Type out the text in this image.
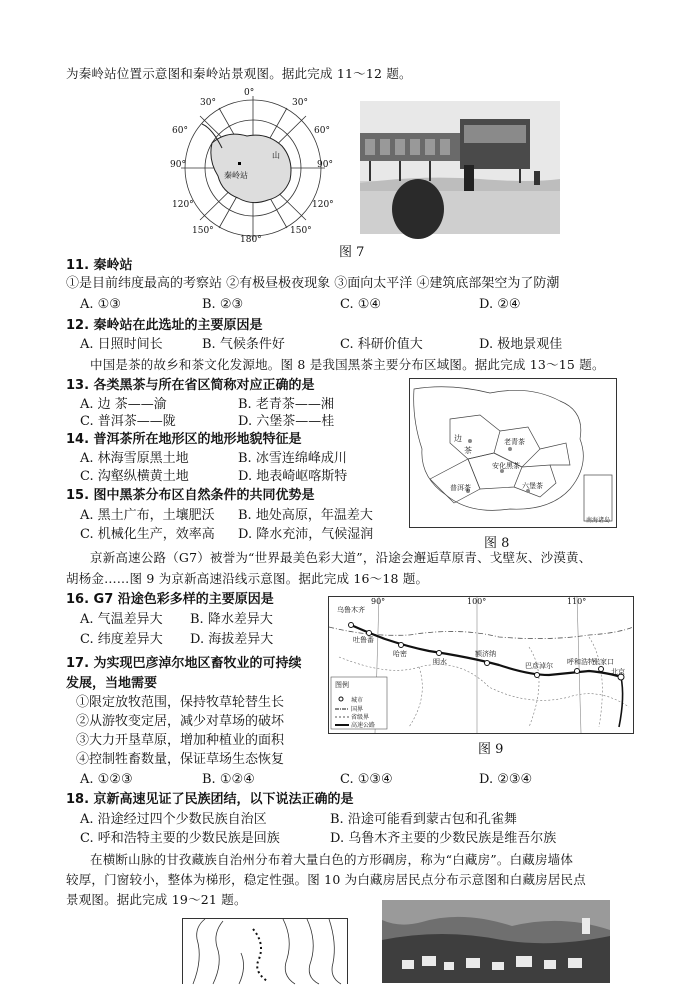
为秦岭站位置示意图和秦岭站景观图。据此完成 11～12 题。
0°
30°	30°
60°	60°
90°	90°
120°	120°
150°	150°
180°
秦岭站
山
图 7
11. 秦岭站
①是目前纬度最高的考察站 ②有极昼极夜现象 ③面向太平洋 ④建筑底部架空为了防潮
A. ①③	B. ②③	C. ①④	D. ②④
12. 秦岭站在此选址的主要原因是
A. 日照时间长	B. 气候条件好	C. 科研价值大	D. 极地景观佳
中国是茶的故乡和茶文化发源地。图 8 是我国黑茶主要分布区域图。据此完成 13～15 题。
13. 各类黑茶与所在省区简称对应正确的是
A. 边 茶——渝	B. 老青茶——湘
C. 普洱茶——陇	D. 六堡茶——桂
14. 普洱茶所在地形区的地形地貌特征是
A. 林海雪原黑土地	B. 冰雪连绵峰成川
C. 沟壑纵横黄土地	D. 地表崎岖喀斯特
15. 图中黑茶分布区自然条件的共同优势是
A. 黑土广布，土壤肥沃 B. 地处高原，年温差大
C. 机械化生产，效率高 D. 降水充沛，气候湿润
边
茶
老青茶
安化黑茶
普洱茶	六堡茶
南海诸岛
图 8
京新高速公路（G7）被誉为“世界最美色彩大道”，沿途会邂逅草原青、戈壁灰、沙漠黄、
胡杨金……图 9 为京新高速沿线示意图。据此完成 16～18 题。
16. G7 沿途色彩多样的主要原因是
A. 气温差异大 B. 降水差异大
C. 纬度差异大 D. 海拔差异大
17. 为实现巴彦淖尔地区畜牧业的可持续
发展，当地需要
①限定放牧范围，保持牧草轮替生长
②从游牧变定居，减少对草场的破坏
③大力开垦草原，增加种植业的面积
④控制牲畜数量，保证草场生态恢复
A. ①②③	B. ①②④	C. ①③④	D. ②③④
90°	100°	110°
乌鲁木齐
吐鲁番
哈密
明水
额济纳
巴彦淖尔 呼和浩特
张家口
北京
图例
城市
国界
省级界
高速公路
图 9
18. 京新高速见证了民族团结，以下说法正确的是
A. 沿途经过四个少数民族自治区	B. 沿途可能看到蒙古包和孔雀舞
C. 呼和浩特主要的少数民族是回族	D. 乌鲁木齐主要的少数民族是维吾尔族
在横断山脉的甘孜藏族自治州分布着大量白色的方形碉房，称为“白藏房”。白藏房墙体
较厚，门窗较小，整体为梯形，稳定性强。图 10 为白藏房居民点分布示意图和白藏房居民点
景观图。据此完成 19～21 题。
